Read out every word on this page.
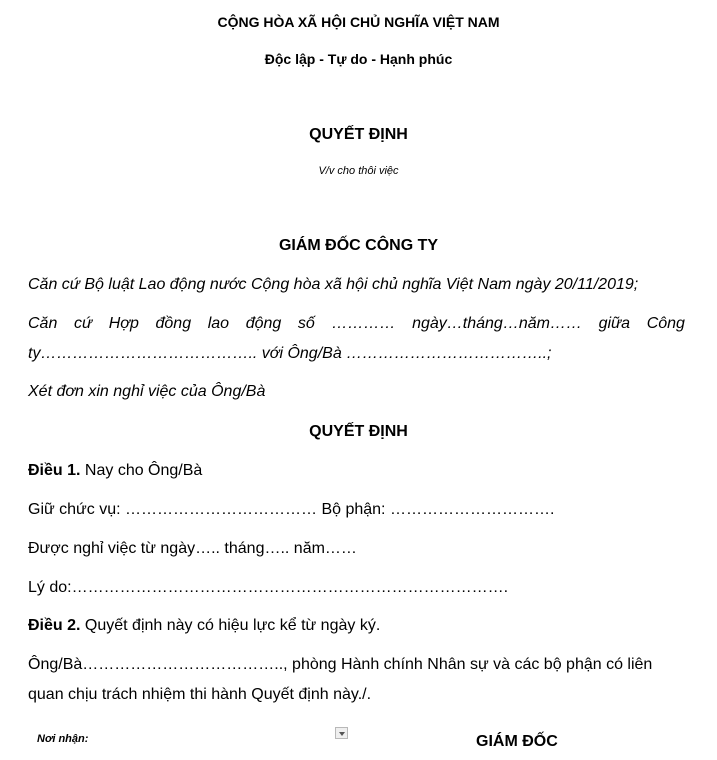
CỘNG HÒA XÃ HỘI CHỦ NGHĨA VIỆT NAM
Độc lập - Tự do - Hạnh phúc
QUYẾT ĐỊNH
V/v cho thôi việc
GIÁM ĐỐC CÔNG TY
Căn cứ Bộ luật Lao động nước Cộng hòa xã hội chủ nghĩa Việt Nam ngày 20/11/2019;
Căn cứ Hợp đồng lao động số ………… ngày…tháng…năm…… giữa Công
ty………………………………….. với Ông/Bà ………………………………..;
Xét đơn xin nghỉ việc của Ông/Bà
QUYẾT ĐỊNH
Điều 1. Nay cho Ông/Bà
Giữ chức vụ: ……………………………… Bộ phận: ………………………….
Được nghỉ việc từ ngày….. tháng….. năm……
Lý do:……………………………………………………………………….
Điều 2. Quyết định này có hiệu lực kể từ ngày ký.
Ông/Bà……………………………….., phòng Hành chính Nhân sự và các bộ phận có liên
quan chịu trách nhiệm thi hành Quyết định này./.
Nơi nhận:	GIÁM ĐỐC
